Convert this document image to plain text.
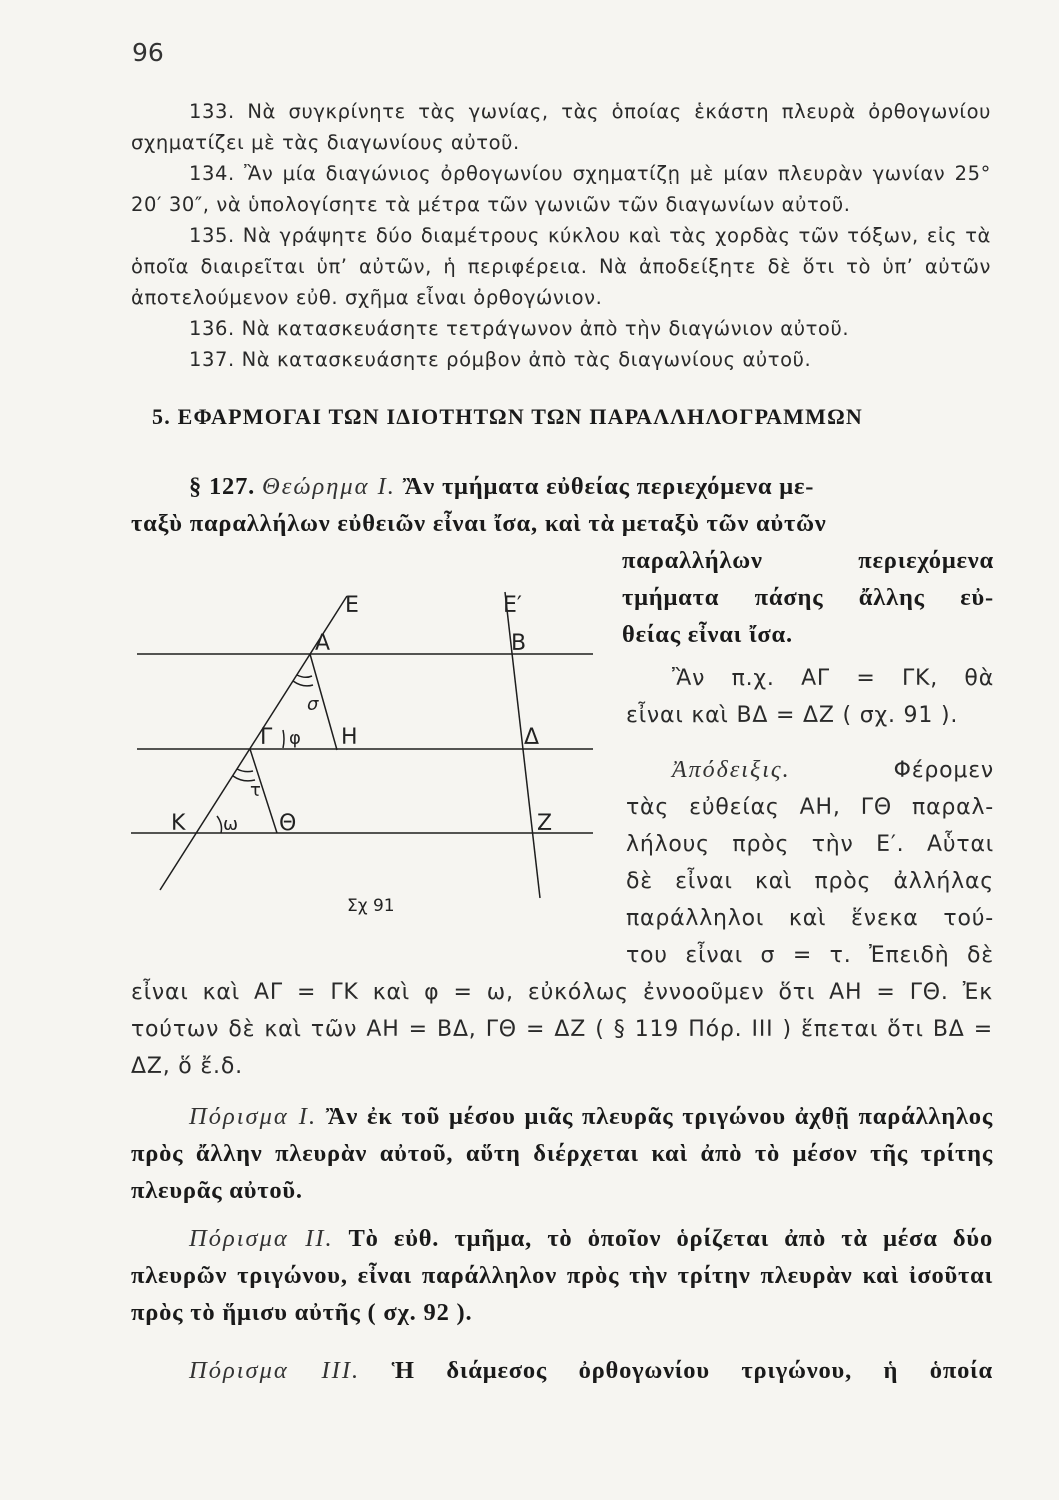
96

133. Νὰ συγκρίνητε τὰς γωνίας, τὰς ὁποίας ἑκάστη πλευρὰ ὀρθογωνίου σχηματίζει μὲ τὰς διαγωνίους αὐτοῦ.

134. Ἂν μία διαγώνιος ὀρθογωνίου σχηματίζῃ μὲ μίαν πλευρὰν γωνίαν 25° 20′ 30″, νὰ ὑπολογίσητε τὰ μέτρα τῶν γωνιῶν τῶν διαγωνίων αὐτοῦ.

135. Νὰ γράψητε δύο διαμέτρους κύκλου καὶ τὰς χορδὰς τῶν τόξων, εἰς τὰ ὁποῖα διαιρεῖται ὑπ’ αὐτῶν, ἡ περιφέρεια. Νὰ ἀποδείξητε δὲ ὅτι τὸ ὑπ’ αὐτῶν ἀποτελούμενον εὐθ. σχῆμα εἶναι ὀρθογώνιον.

136. Νὰ κατασκευάσητε τετράγωνον ἀπὸ τὴν διαγώνιον αὐτοῦ.

137. Νὰ κατασκευάσητε ρόμβον ἀπὸ τὰς διαγωνίους αὐτοῦ.

5. ΕΦΑΡΜΟΓΑΙ ΤΩΝ ΙΔΙΟΤΗΤΩΝ ΤΩΝ ΠΑΡΑΛΛΗΛΟΓΡΑΜΜΩΝ

§ 127. Θεώρημα Ι. Ἂν τμήματα εὐθείας περιεχόμενα με-

ταξὺ παραλλήλων εὐθειῶν εἶναι ἴσα, καὶ τὰ μεταξὺ τῶν αὐτῶν

παραλλήλων περιεχόμενα

τμήματα πάσης ἄλλης εὐ-

θείας εἶναι ἴσα.

Ἂν π.χ. ΑΓ = ΓΚ, θὰ

εἶναι καὶ ΒΔ = ΔΖ ( σχ. 91 ).

Ἀπόδειξις.	Φέρομεν

τὰς εὐθείας ΑΗ, ΓΘ παραλ-

λήλους πρὸς τὴν Ε′. Αὗται

δὲ εἶναι καὶ πρὸς ἀλλήλας

παράλληλοι καὶ ἕνεκα τού-

του εἶναι σ = τ. Ἐπειδὴ δὲ

εἶναι καὶ ΑΓ = ΓΚ καὶ φ = ω, εὐκόλως ἐννοοῦμεν ὅτι ΑΗ = ΓΘ. Ἐκ τούτων δὲ καὶ τῶν ΑΗ = ΒΔ, ΓΘ = ΔΖ ( § 119 Πόρ. ΙΙΙ ) ἕπεται ὅτι ΒΔ = ΔΖ, ὅ ἔ.δ.

Ε	Ε′
Α	Β
σ
Γ φ Η	Δ
τ
Κ ω Θ	Ζ
Σχ 91

Πόρισμα Ι. Ἂν ἐκ τοῦ μέσου μιᾶς πλευρᾶς τριγώνου ἀχθῇ παράλληλος πρὸς ἄλλην πλευρὰν αὐτοῦ, αὕτη διέρχεται καὶ ἀπὸ τὸ μέσον τῆς τρίτης πλευρᾶς αὐτοῦ.

Πόρισμα ΙΙ. Τὸ εὐθ. τμῆμα, τὸ ὁποῖον ὁρίζεται ἀπὸ τὰ μέσα δύο πλευρῶν τριγώνου, εἶναι παράλληλον πρὸς τὴν τρίτην πλευρὰν καὶ ἰσοῦται πρὸς τὸ ἥμισυ αὐτῆς ( σχ. 92 ).

Πόρισμα ΙΙΙ. Ἡ διάμεσος ὀρθογωνίου τριγώνου, ἡ ὁποία
